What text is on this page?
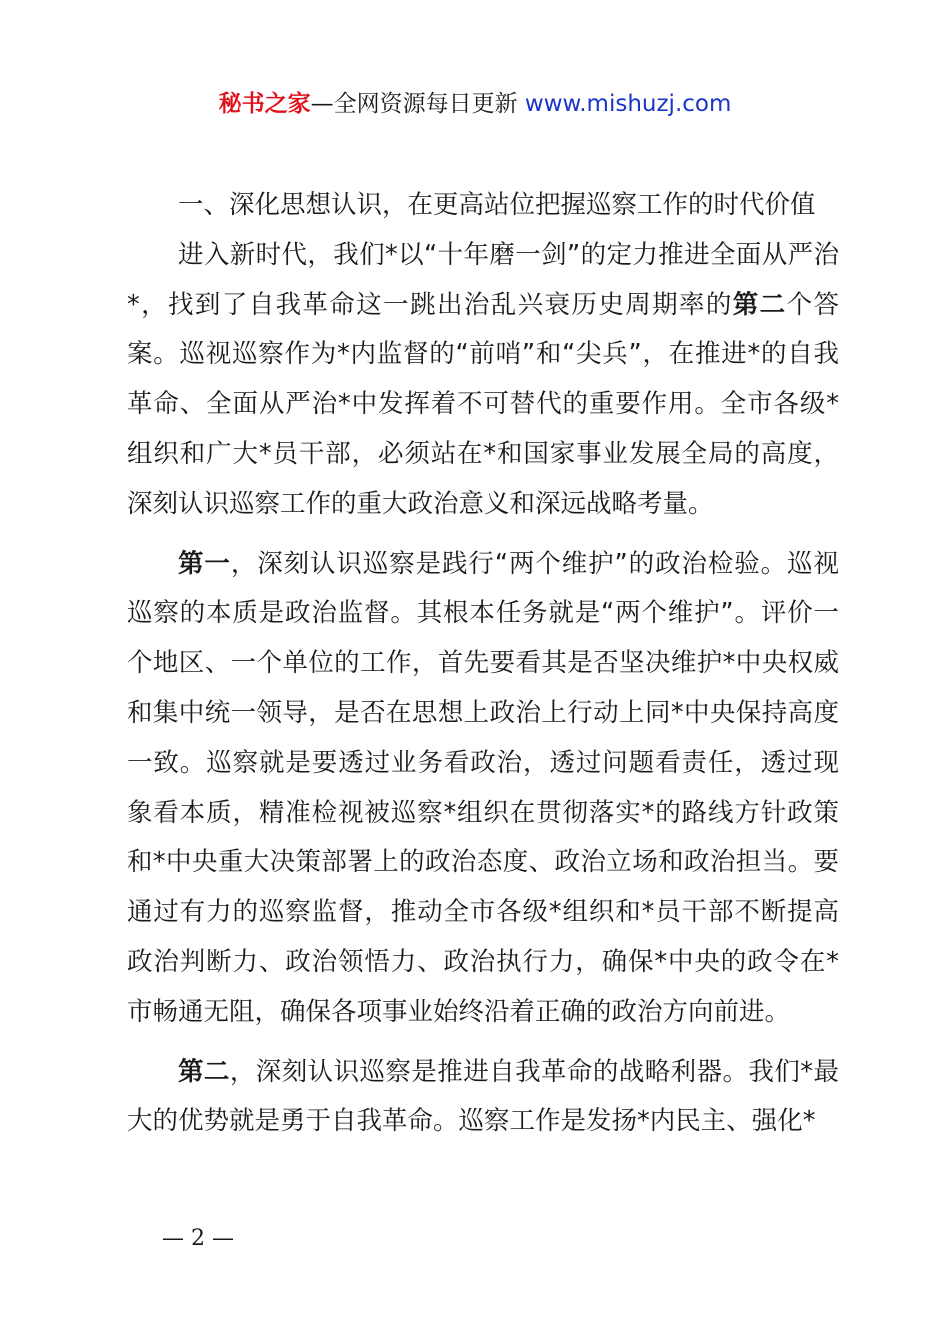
秘书之家—全网资源每日更新 www.mishuzj.com

一、深化思想认识，在更高站位把握巡察工作的时代价值

进入新时代，我们*以“十年磨一剑”的定力推进全面从严治*，找到了自我革命这一跳出治乱兴衰历史周期率的第二个答案。巡视巡察作为*内监督的“前哨”和“尖兵”，在推进*的自我革命、全面从严治*中发挥着不可替代的重要作用。全市各级*组织和广大*员干部，必须站在*和国家事业发展全局的高度，深刻认识巡察工作的重大政治意义和深远战略考量。

第一，深刻认识巡察是践行“两个维护”的政治检验。巡视巡察的本质是政治监督。其根本任务就是“两个维护”。评价一个地区、一个单位的工作，首先要看其是否坚决维护*中央权威和集中统一领导，是否在思想上政治上行动上同*中央保持高度一致。巡察就是要透过业务看政治，透过问题看责任，透过现象看本质，精准检视被巡察*组织在贯彻落实*的路线方针政策和*中央重大决策部署上的政治态度、政治立场和政治担当。要通过有力的巡察监督，推动全市各级*组织和*员干部不断提高政治判断力、政治领悟力、政治执行力，确保*中央的政令在*市畅通无阻，确保各项事业始终沿着正确的政治方向前进。

第二，深刻认识巡察是推进自我革命的战略利器。我们*最大的优势就是勇于自我革命。巡察工作是发扬*内民主、强化*

— 2 —
